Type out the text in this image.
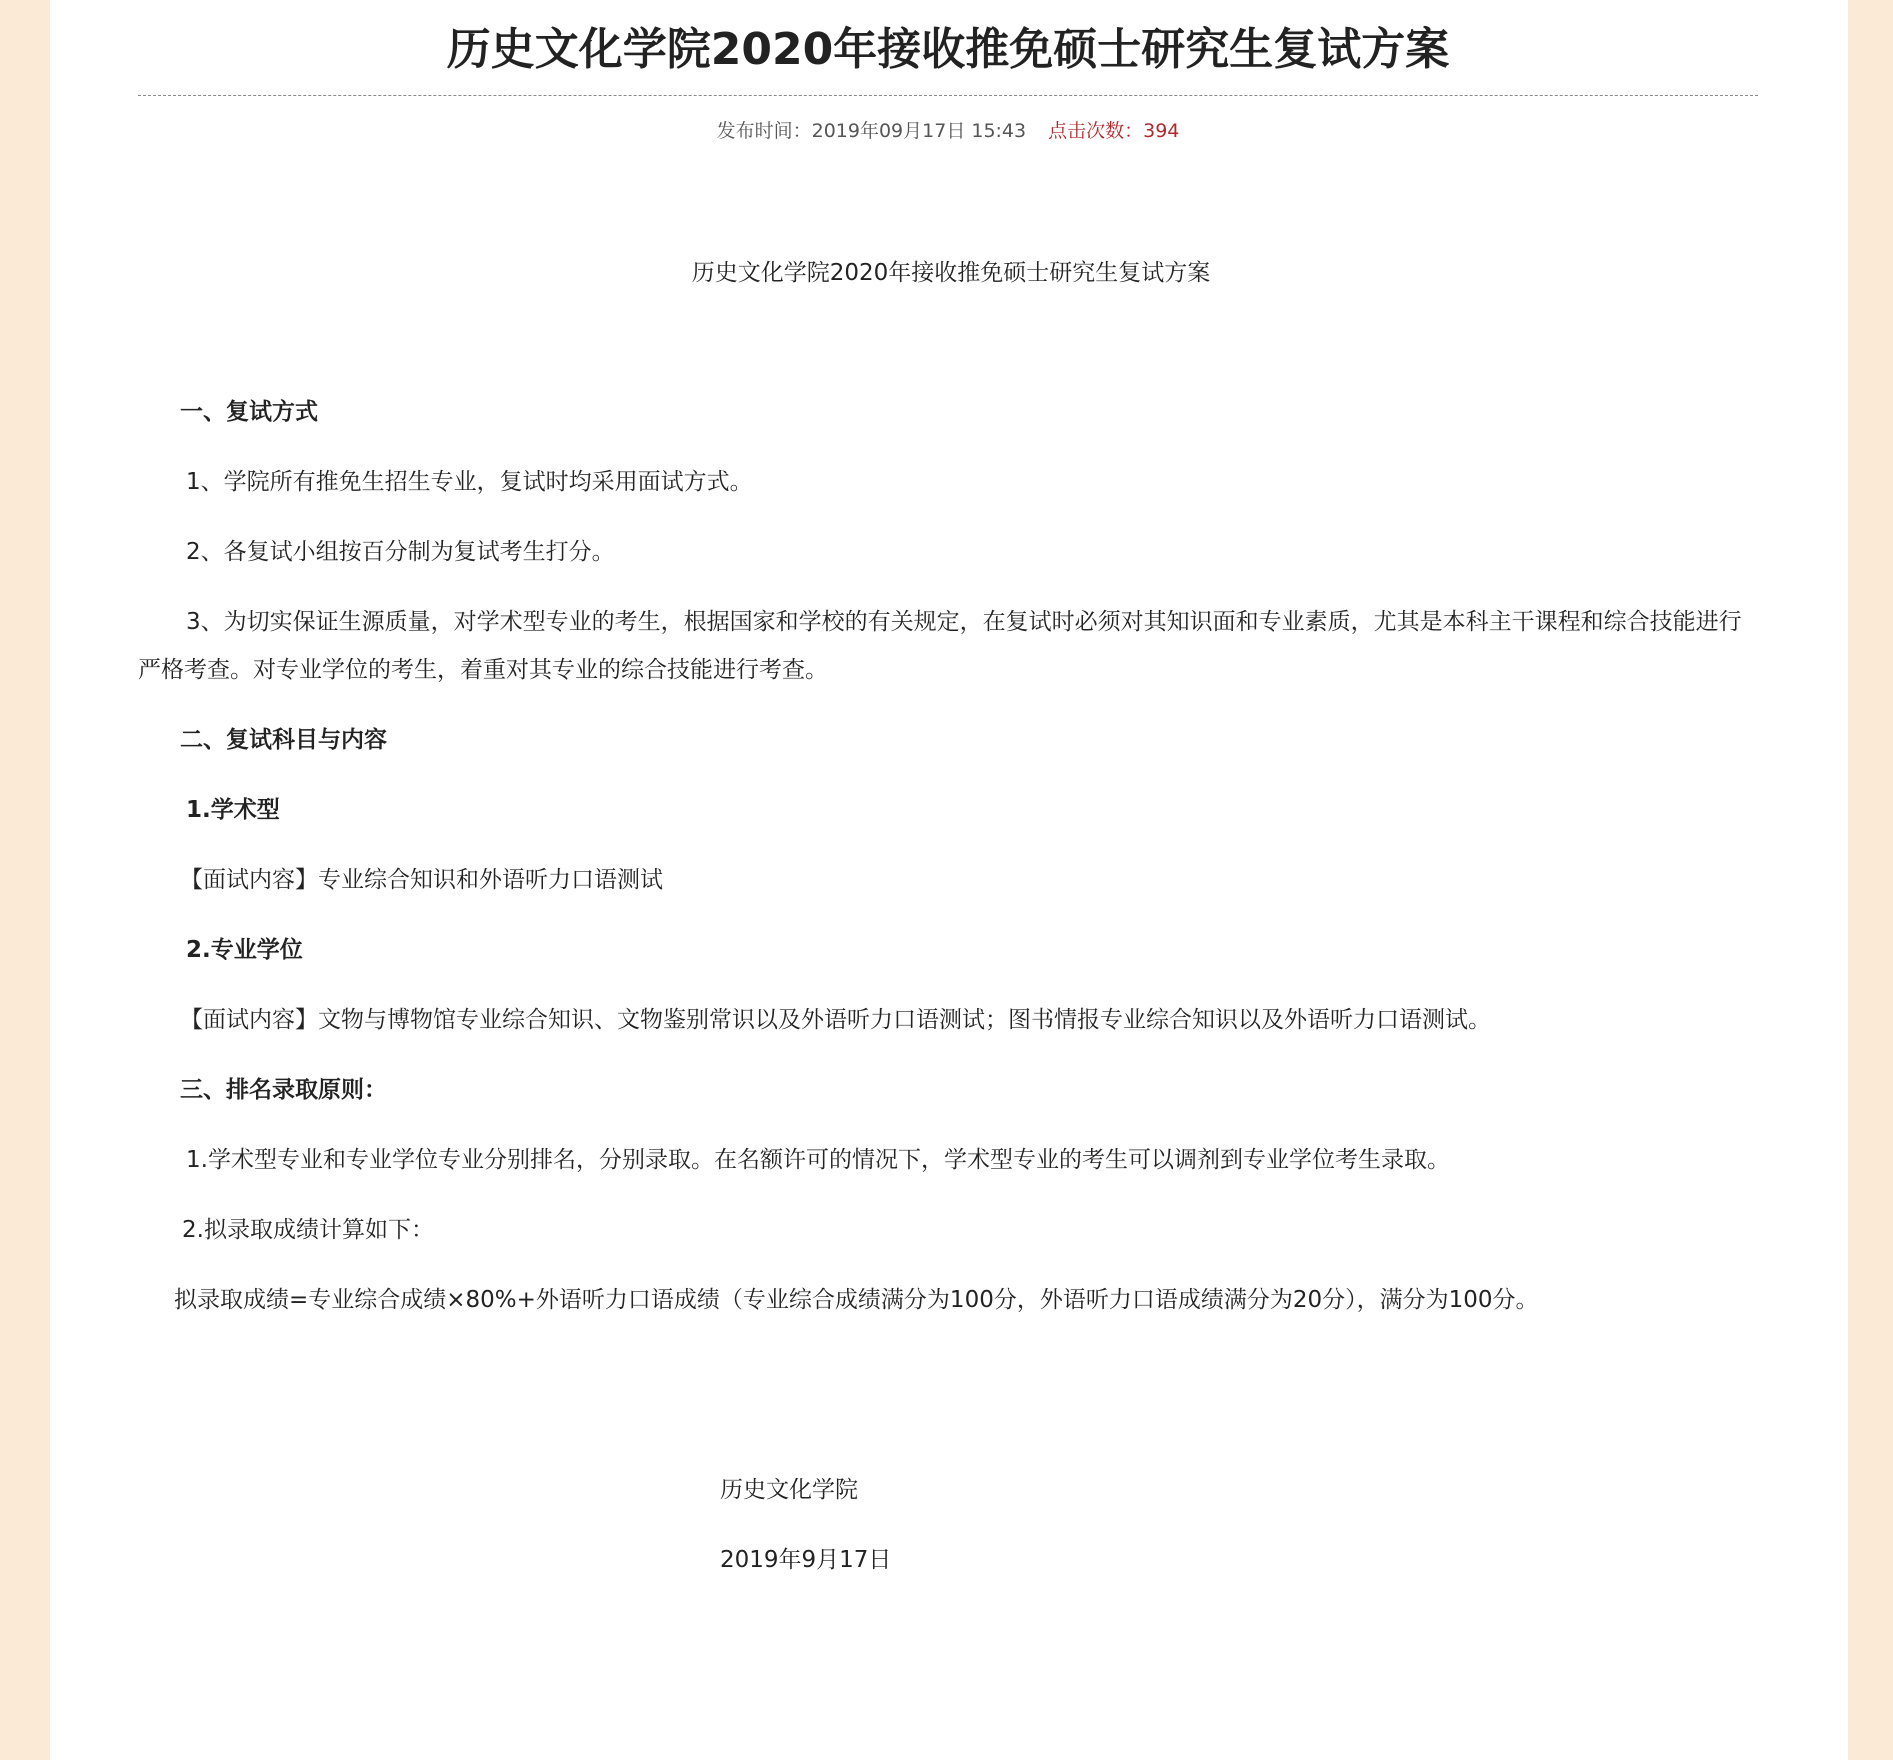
历史文化学院2020年接收推免硕士研究生复试方案
发布时间：2019年09月17日 15:43 点击次数：394

历史文化学院2020年接收推免硕士研究生复试方案

一、复试方式

1、学院所有推免生招生专业，复试时均采用面试方式。

2、各复试小组按百分制为复试考生打分。

3、为切实保证生源质量，对学术型专业的考生，根据国家和学校的有关规定，在复试时必须对其知识面和专业素质，尤其是本科主干课程和综合技能进行严格考查。对专业学位的考生，着重对其专业的综合技能进行考查。

二、复试科目与内容

1.学术型

【面试内容】专业综合知识和外语听力口语测试

2.专业学位

【面试内容】文物与博物馆专业综合知识、文物鉴别常识以及外语听力口语测试；图书情报专业综合知识以及外语听力口语测试。

三、排名录取原则：

1.学术型专业和专业学位专业分别排名，分别录取。在名额许可的情况下，学术型专业的考生可以调剂到专业学位考生录取。

2.拟录取成绩计算如下：

拟录取成绩=专业综合成绩×80%+外语听力口语成绩（专业综合成绩满分为100分，外语听力口语成绩满分为20分），满分为100分。

历史文化学院

2019年9月17日
